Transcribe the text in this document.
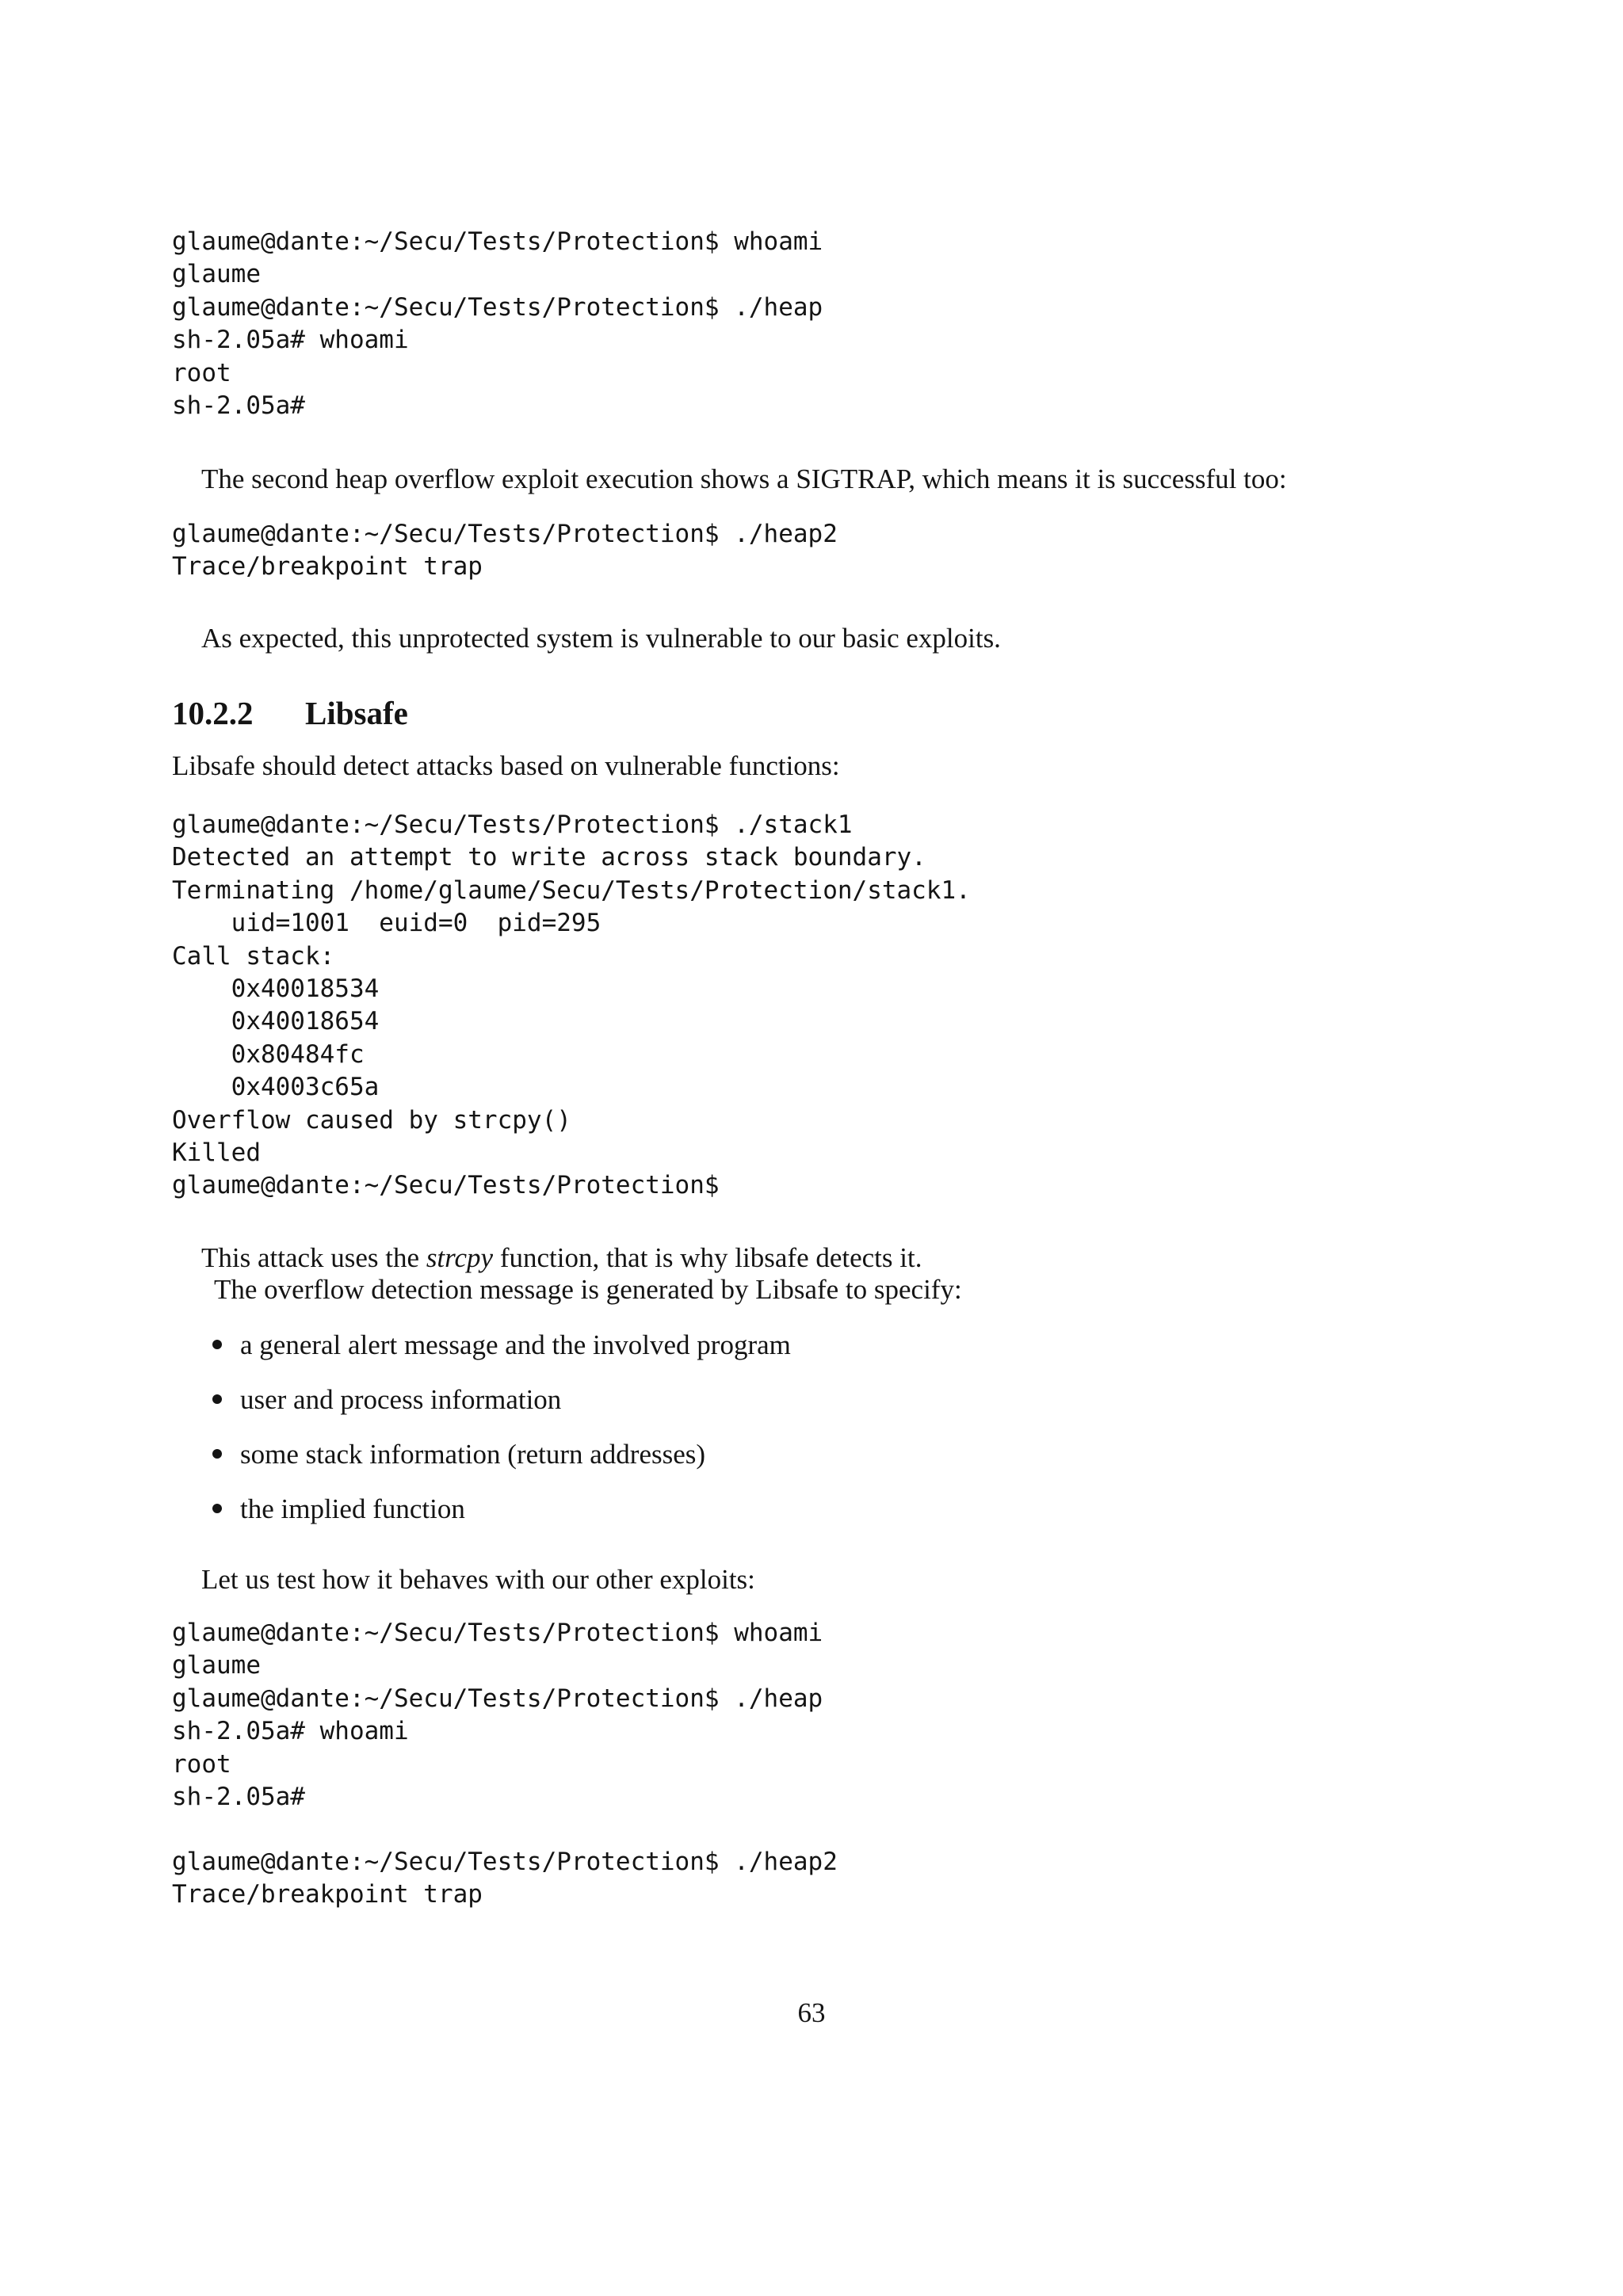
glaume@dante:~/Secu/Tests/Protection$ whoami
glaume
glaume@dante:~/Secu/Tests/Protection$ ./heap
sh-2.05a# whoami
root
sh-2.05a#

The second heap overflow exploit execution shows a SIGTRAP, which means it is successful too:

glaume@dante:~/Secu/Tests/Protection$ ./heap2
Trace/breakpoint trap

As expected, this unprotected system is vulnerable to our basic exploits.

10.2.2 Libsafe

Libsafe should detect attacks based on vulnerable functions:

glaume@dante:~/Secu/Tests/Protection$ ./stack1
Detected an attempt to write across stack boundary.
Terminating /home/glaume/Secu/Tests/Protection/stack1.
uid=1001  euid=0  pid=295
Call stack:
0x40018534
0x40018654
0x80484fc
0x4003c65a
Overflow caused by strcpy()
Killed
glaume@dante:~/Secu/Tests/Protection$

This attack uses the strcpy function, that is why libsafe detects it.

The overflow detection message is generated by Libsafe to specify:

a general alert message and the involved program
user and process information
some stack information (return addresses)
the implied function

Let us test how it behaves with our other exploits:

glaume@dante:~/Secu/Tests/Protection$ whoami
glaume
glaume@dante:~/Secu/Tests/Protection$ ./heap
sh-2.05a# whoami
root
sh-2.05a#
glaume@dante:~/Secu/Tests/Protection$ ./heap2
Trace/breakpoint trap
63
